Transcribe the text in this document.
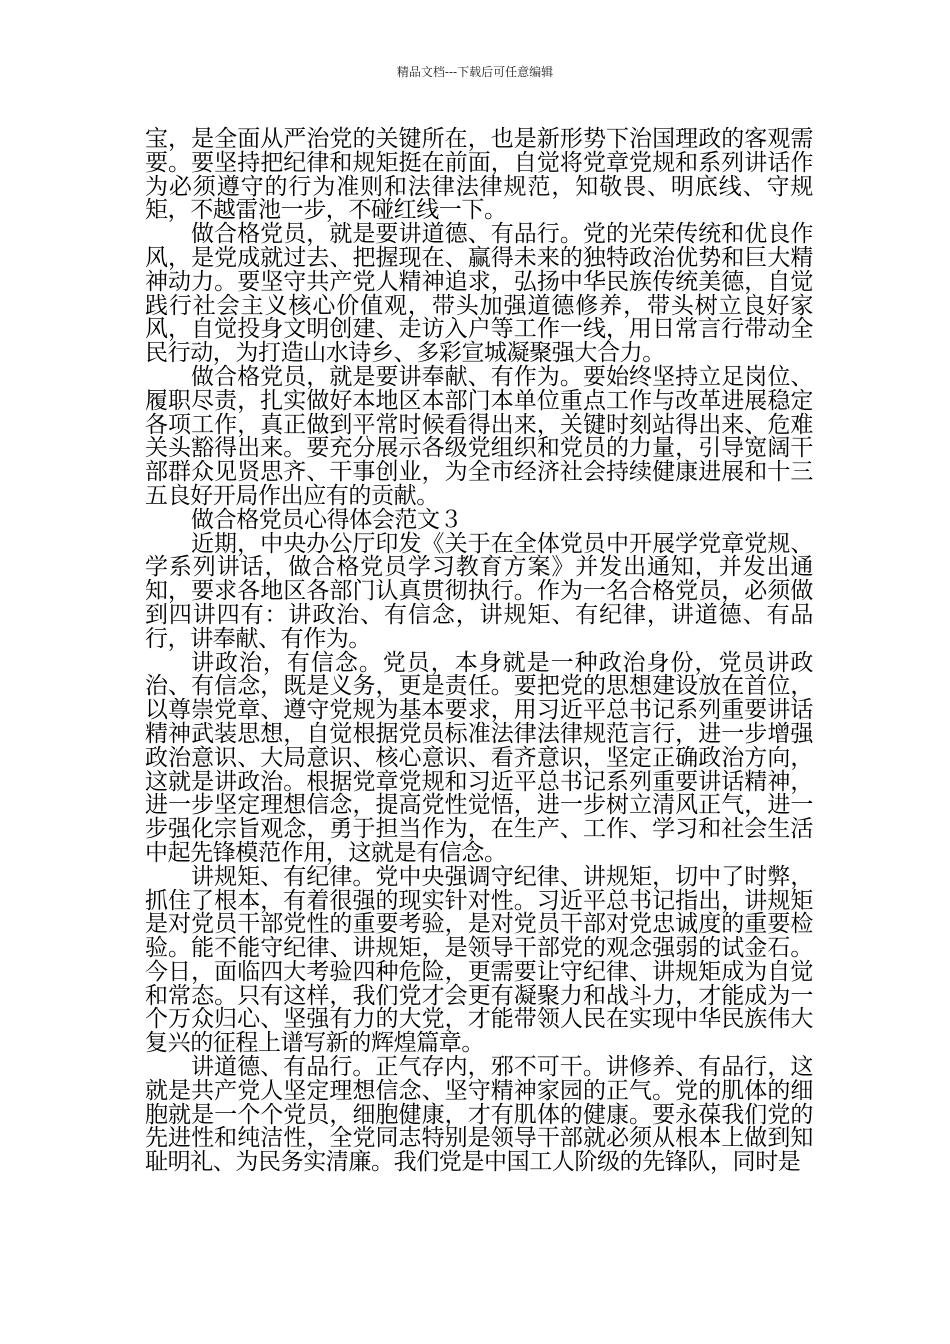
精品文档---下载后可任意编辑

宝，是全面从严治党的关键所在，也是新形势下治国理政的客观需要。要坚持把纪律和规矩挺在前面，自觉将党章党规和系列讲话作为必须遵守的行为准则和法律法律规范，知敬畏、明底线、守规矩，不越雷池一步，不碰红线一下。

做合格党员，就是要讲道德、有品行。党的光荣传统和优良作风，是党成就过去、把握现在、赢得未来的独特政治优势和巨大精神动力。要坚守共产党人精神追求，弘扬中华民族传统美德，自觉践行社会主义核心价值观，带头加强道德修养，带头树立良好家风，自觉投身文明创建、走访入户等工作一线，用日常言行带动全民行动，为打造山水诗乡、多彩宣城凝聚强大合力。

做合格党员，就是要讲奉献、有作为。要始终坚持立足岗位、履职尽责，扎实做好本地区本部门本单位重点工作与改革进展稳定各项工作，真正做到平常时候看得出来，关键时刻站得出来、危难关头豁得出来。要充分展示各级党组织和党员的力量，引导宽阔干部群众见贤思齐、干事创业，为全市经济社会持续健康进展和十三五良好开局作出应有的贡献。

做合格党员心得体会范文３

近期，中央办公厅印发《关于在全体党员中开展学党章党规、学系列讲话，做合格党员学习教育方案》并发出通知，并发出通知，要求各地区各部门认真贯彻执行。作为一名合格党员，必须做到四讲四有：讲政治、有信念，讲规矩、有纪律，讲道德、有品行，讲奉献、有作为。

讲政治，有信念。党员，本身就是一种政治身份，党员讲政治、有信念，既是义务，更是责任。要把党的思想建设放在首位，以尊崇党章、遵守党规为基本要求，用习近平总书记系列重要讲话精神武装思想，自觉根据党员标准法律法律规范言行，进一步增强政治意识、大局意识、核心意识、看齐意识，坚定正确政治方向，这就是讲政治。根据党章党规和习近平总书记系列重要讲话精神，进一步坚定理想信念，提高党性觉悟，进一步树立清风正气，进一步强化宗旨观念，勇于担当作为，在生产、工作、学习和社会生活中起先锋模范作用，这就是有信念。

讲规矩、有纪律。党中央强调守纪律、讲规矩，切中了时弊，抓住了根本，有着很强的现实针对性。习近平总书记指出，讲规矩是对党员干部党性的重要考验，是对党员干部对党忠诚度的重要检验。能不能守纪律、讲规矩，是领导干部党的观念强弱的试金石。今日，面临四大考验四种危险，更需要让守纪律、讲规矩成为自觉和常态。只有这样，我们党才会更有凝聚力和战斗力，才能成为一个万众归心、坚强有力的大党，才能带领人民在实现中华民族伟大复兴的征程上谱写新的辉煌篇章。

讲道德、有品行。正气存内，邪不可干。讲修养、有品行，这就是共产党人坚定理想信念、坚守精神家园的正气。党的肌体的细胞就是一个个党员，细胞健康，才有肌体的健康。要永葆我们党的先进性和纯洁性，全党同志特别是领导干部就必须从根本上做到知耻明礼、为民务实清廉。我们党是中国工人阶级的先锋队，同时是
